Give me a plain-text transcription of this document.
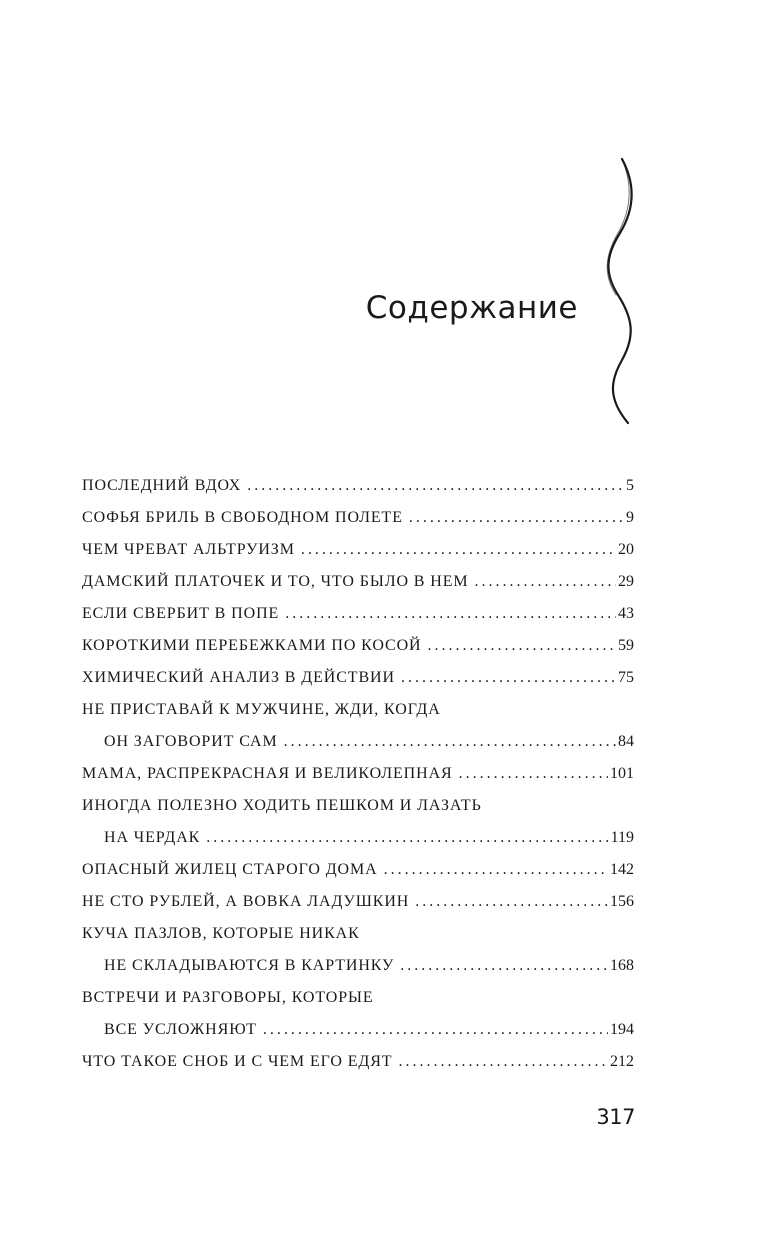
Содержание
ПОСЛЕДНИЙ ВДОХ . . .	5
СОФЬЯ БРИЛЬ В СВОБОДНОМ ПОЛЕТЕ . . .	9
ЧЕМ ЧРЕВАТ АЛЬТРУИЗМ . . .	20
ДАМСКИЙ ПЛАТОЧЕК И ТО, ЧТО БЫЛО В НЕМ . . .	29
ЕСЛИ СВЕРБИТ В ПОПЕ . . .	43
КОРОТКИМИ ПЕРЕБЕЖКАМИ ПО КОСОЙ . . .	59
ХИМИЧЕСКИЙ АНАЛИЗ В ДЕЙСТВИИ . . .	75
НЕ ПРИСТАВАЙ К МУЖЧИНЕ, ЖДИ, КОГДА
ОН ЗАГОВОРИТ САМ . . .	84
МАМА, РАСПРЕКРАСНАЯ И ВЕЛИКОЛЕПНАЯ . . .	101
ИНОГДА ПОЛЕЗНО ХОДИТЬ ПЕШКОМ И ЛАЗАТЬ
НА ЧЕРДАК . . .	119
ОПАСНЫЙ ЖИЛЕЦ СТАРОГО ДОМА . . .	142
НЕ СТО РУБЛЕЙ, А ВОВКА ЛАДУШКИН . . .	156
КУЧА ПАЗЛОВ, КОТОРЫЕ НИКАК
НЕ СКЛАДЫВАЮТСЯ В КАРТИНКУ . . .	168
ВСТРЕЧИ И РАЗГОВОРЫ, КОТОРЫЕ
ВСЕ УСЛОЖНЯЮТ . . .	194
ЧТО ТАКОЕ СНОБ И С ЧЕМ ЕГО ЕДЯТ . . .	212
317
